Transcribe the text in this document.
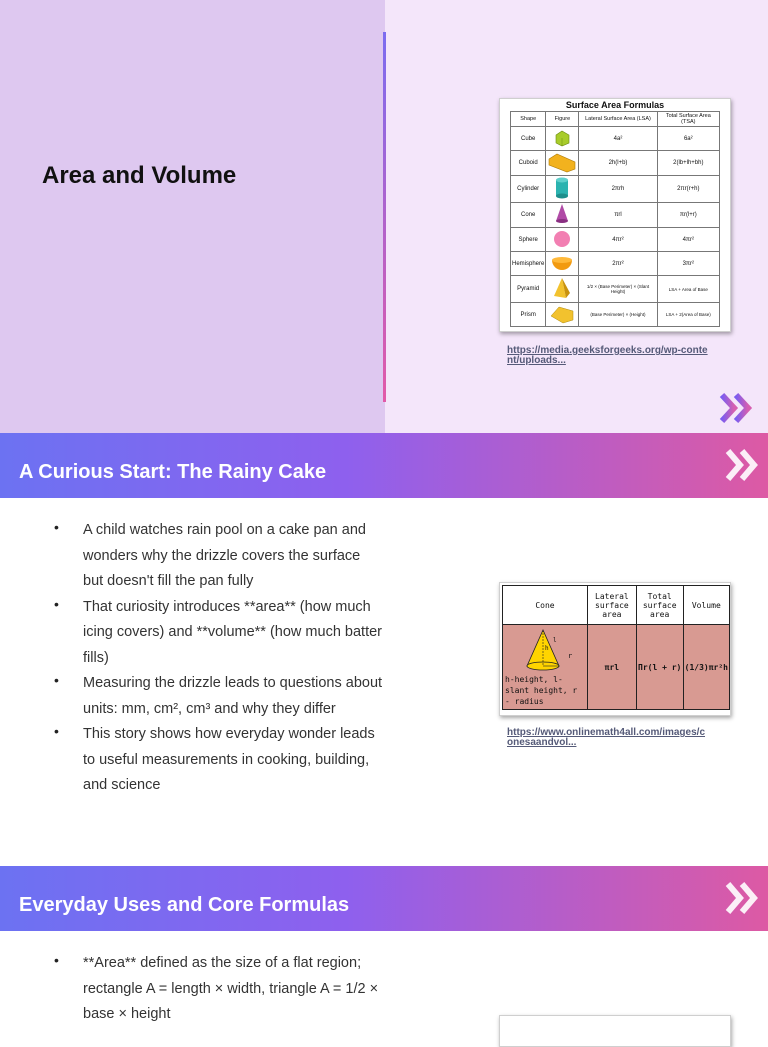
Area and Volume
Surface Area Formulas
Shape	Figure	Lateral Surface Area (LSA)	Total Surface Area (TSA)
Cube		4a²	6a²
Cuboid		2h(l+b)	2(lb+lh+bh)
Cylinder		2πrh	2πr(r+h)
Cone		πrl	πr(l+r)
Sphere		4πr²	4πr²
Hemisphere		2πr²	3πr²
Pyramid		1/2 × (Base Perimeter) × (Slant Height)	LSA + Area of Base
Prism		(Base Perimeter) × (Height)	LSA + 2(Area of Base)
https://media.geeksforgeeks.org/wp-conte
nt/uploads...
A Curious Start: The Rainy Cake
• A child watches rain pool on a cake pan and wonders why the drizzle covers the surface but doesn't fill the pan fully
• That curiosity introduces **area** (how much icing covers) and **volume** (how much batter fills)
• Measuring the drizzle leads to questions about units: mm, cm², cm³ and why they differ
• This story shows how everyday wonder leads to useful measurements in cooking, building, and science
Cone	Lateral surface area	Total surface area	Volume

r
h
l
h-height, l-slant height, r - radius	πrl	Πr(l + r)	(1/3)πr²h
https://www.onlinemath4all.com/images/c
onesaandvol...
Everyday Uses and Core Formulas
• **Area** defined as the size of a flat region; rectangle A = length × width, triangle A = 1/2 × base × height
